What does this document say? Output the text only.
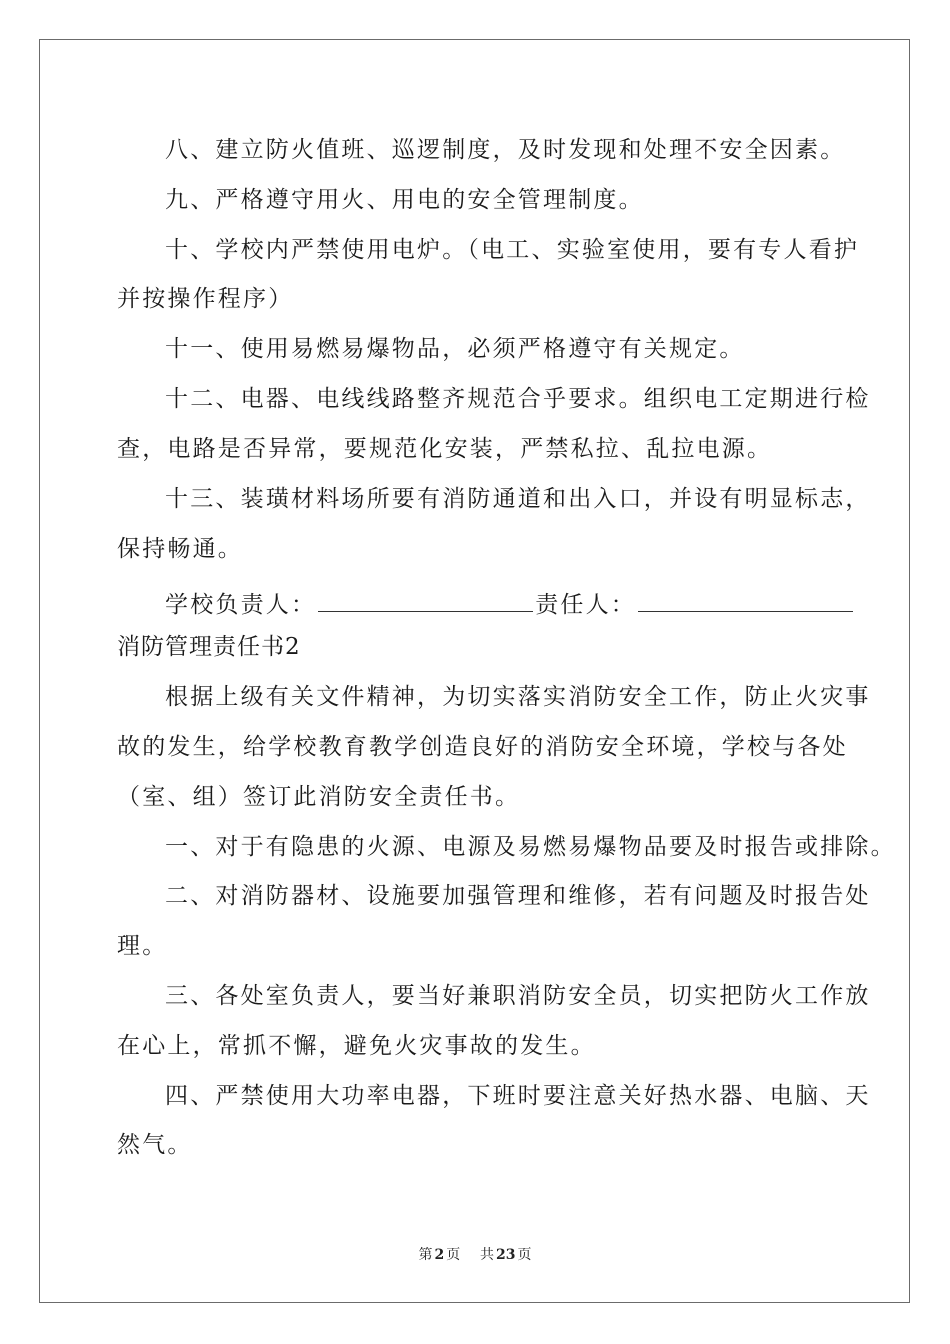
八、建立防火值班、巡逻制度，及时发现和处理不安全因素。

九、严格遵守用火、用电的安全管理制度。

十、学校内严禁使用电炉。（电工、实验室使用，要有专人看护

并按操作程序）

十一、使用易燃易爆物品，必须严格遵守有关规定。

十二、电器、电线线路整齐规范合乎要求。组织电工定期进行检

查，电路是否异常，要规范化安装，严禁私拉、乱拉电源。

十三、装璜材料场所要有消防通道和出入口，并设有明显标志，

保持畅通。

学校负责人：	责任人：

消防管理责任书2

根据上级有关文件精神，为切实落实消防安全工作，防止火灾事

故的发生，给学校教育教学创造良好的消防安全环境，学校与各处

（室、组）签订此消防安全责任书。

一、对于有隐患的火源、电源及易燃易爆物品要及时报告或排除。

二、对消防器材、设施要加强管理和维修，若有问题及时报告处

理。

三、各处室负责人，要当好兼职消防安全员，切实把防火工作放

在心上，常抓不懈，避免火灾事故的发生。

四、严禁使用大功率电器，下班时要注意关好热水器、电脑、天

然气。

第 2 页 共 23 页
